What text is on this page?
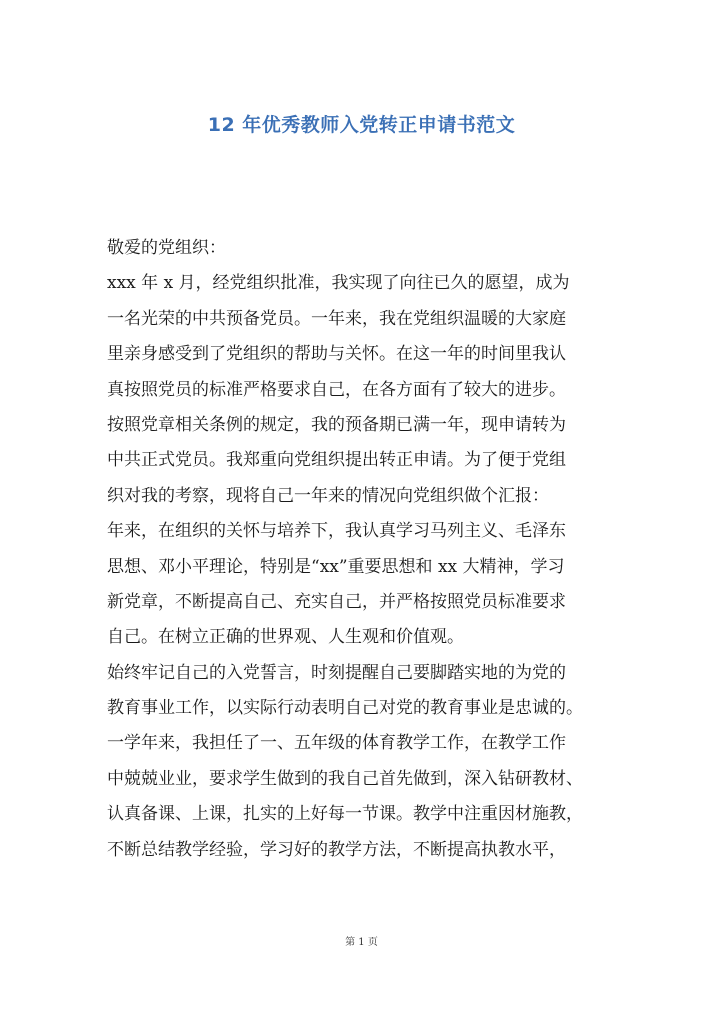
12 年优秀教师入党转正申请书范文

敬爱的党组织：

xxx 年 x 月，经党组织批准，我实现了向往已久的愿望，成为

一名光荣的中共预备党员。一年来，我在党组织温暖的大家庭

里亲身感受到了党组织的帮助与关怀。在这一年的时间里我认

真按照党员的标准严格要求自己，在各方面有了较大的进步。

按照党章相关条例的规定，我的预备期已满一年，现申请转为

中共正式党员。我郑重向党组织提出转正申请。为了便于党组

织对我的考察，现将自己一年来的情况向党组织做个汇报：

年来，在组织的关怀与培养下，我认真学习马列主义、毛泽东

思想、邓小平理论，特别是“xx”重要思想和 xx 大精神，学习

新党章，不断提高自己、充实自己，并严格按照党员标准要求

自己。在树立正确的世界观、人生观和价值观。

始终牢记自己的入党誓言，时刻提醒自己要脚踏实地的为党的

教育事业工作，以实际行动表明自己对党的教育事业是忠诚的。

一学年来，我担任了一、五年级的体育教学工作，在教学工作

中兢兢业业，要求学生做到的我自己首先做到，深入钻研教材、

认真备课、上课，扎实的上好每一节课。教学中注重因材施教，

不断总结教学经验，学习好的教学方法，不断提高执教水平，

第 1 页
